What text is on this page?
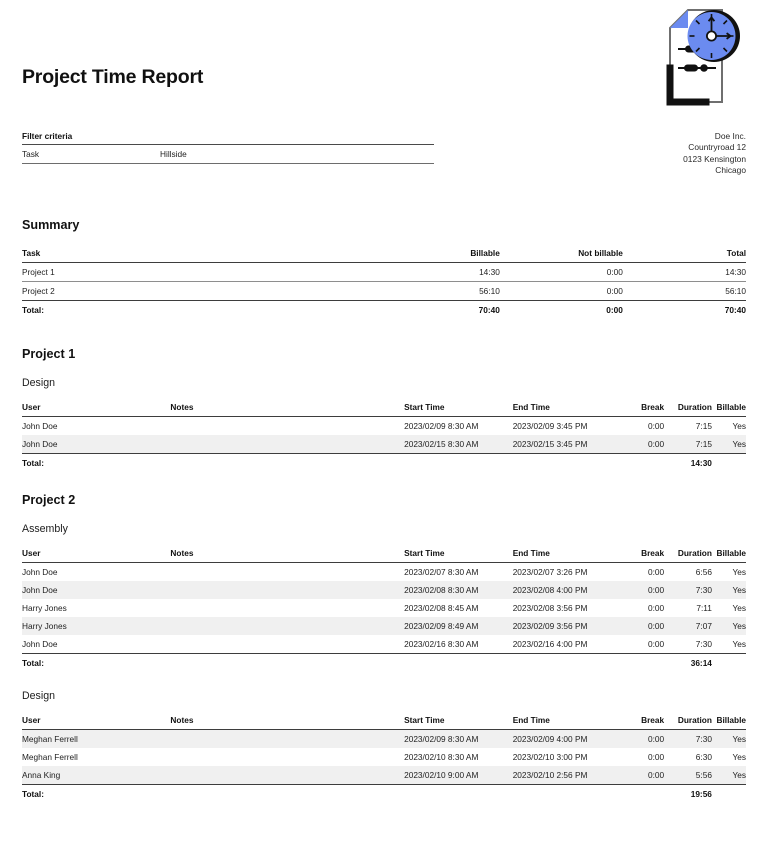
Project Time Report
Filter criteria
Task	Hillside
Doe Inc.
Countryroad 12
0123 Kensington
Chicago
Summary
Task	Billable	Not billable	Total
Project 1	14:30	0:00	14:30
Project 2	56:10	0:00	56:10
Total:	70:40	0:00	70:40
Project 1
Design
User	Notes	Start Time	End Time	Break	Duration	Billable
John Doe		2023/02/09 8:30 AM	2023/02/09 3:45 PM	0:00	7:15	Yes
John Doe		2023/02/15 8:30 AM	2023/02/15 3:45 PM	0:00	7:15	Yes
Total:					14:30	
Project 2
Assembly
User	Notes	Start Time	End Time	Break	Duration	Billable
John Doe		2023/02/07 8:30 AM	2023/02/07 3:26 PM	0:00	6:56	Yes
John Doe		2023/02/08 8:30 AM	2023/02/08 4:00 PM	0:00	7:30	Yes
Harry Jones		2023/02/08 8:45 AM	2023/02/08 3:56 PM	0:00	7:11	Yes
Harry Jones		2023/02/09 8:49 AM	2023/02/09 3:56 PM	0:00	7:07	Yes
John Doe		2023/02/16 8:30 AM	2023/02/16 4:00 PM	0:00	7:30	Yes
Total:					36:14	
Design
User	Notes	Start Time	End Time	Break	Duration	Billable
Meghan Ferrell		2023/02/09 8:30 AM	2023/02/09 4:00 PM	0:00	7:30	Yes
Meghan Ferrell		2023/02/10 8:30 AM	2023/02/10 3:00 PM	0:00	6:30	Yes
Anna King		2023/02/10 9:00 AM	2023/02/10 2:56 PM	0:00	5:56	Yes
Total:					19:56	
